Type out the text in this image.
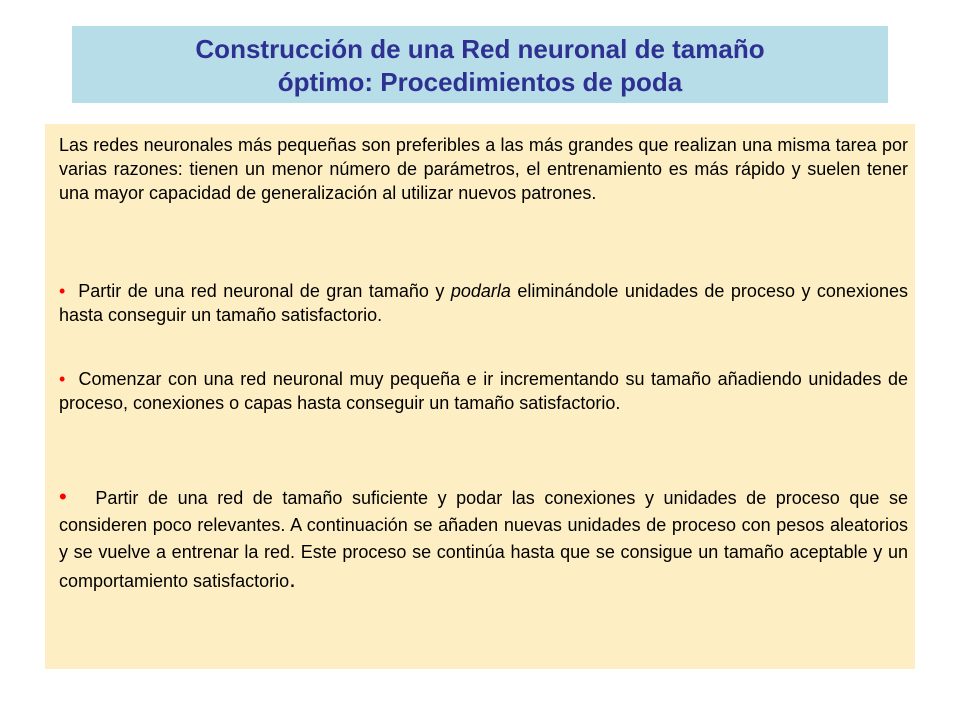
Construcción de una Red neuronal de tamaño
óptimo: Procedimientos de poda

Las redes neuronales más pequeñas son preferibles a las más grandes que realizan una misma tarea por varias razones: tienen un menor número de parámetros, el entrenamiento es más rápido y suelen tener una mayor capacidad de generalización al utilizar nuevos patrones.

• Partir de una red neuronal de gran tamaño y podarla eliminándole unidades de proceso y conexiones hasta conseguir un tamaño satisfactorio.

• Comenzar con una red neuronal muy pequeña e ir incrementando su tamaño añadiendo unidades de proceso, conexiones o capas hasta conseguir un tamaño satisfactorio.

• Partir de una red de tamaño suficiente y podar las conexiones y unidades de proceso que se consideren poco relevantes. A continuación se añaden nuevas unidades de proceso con pesos aleatorios y se vuelve a entrenar la red. Este proceso se continúa hasta que se consigue un tamaño aceptable y un comportamiento satisfactorio.
